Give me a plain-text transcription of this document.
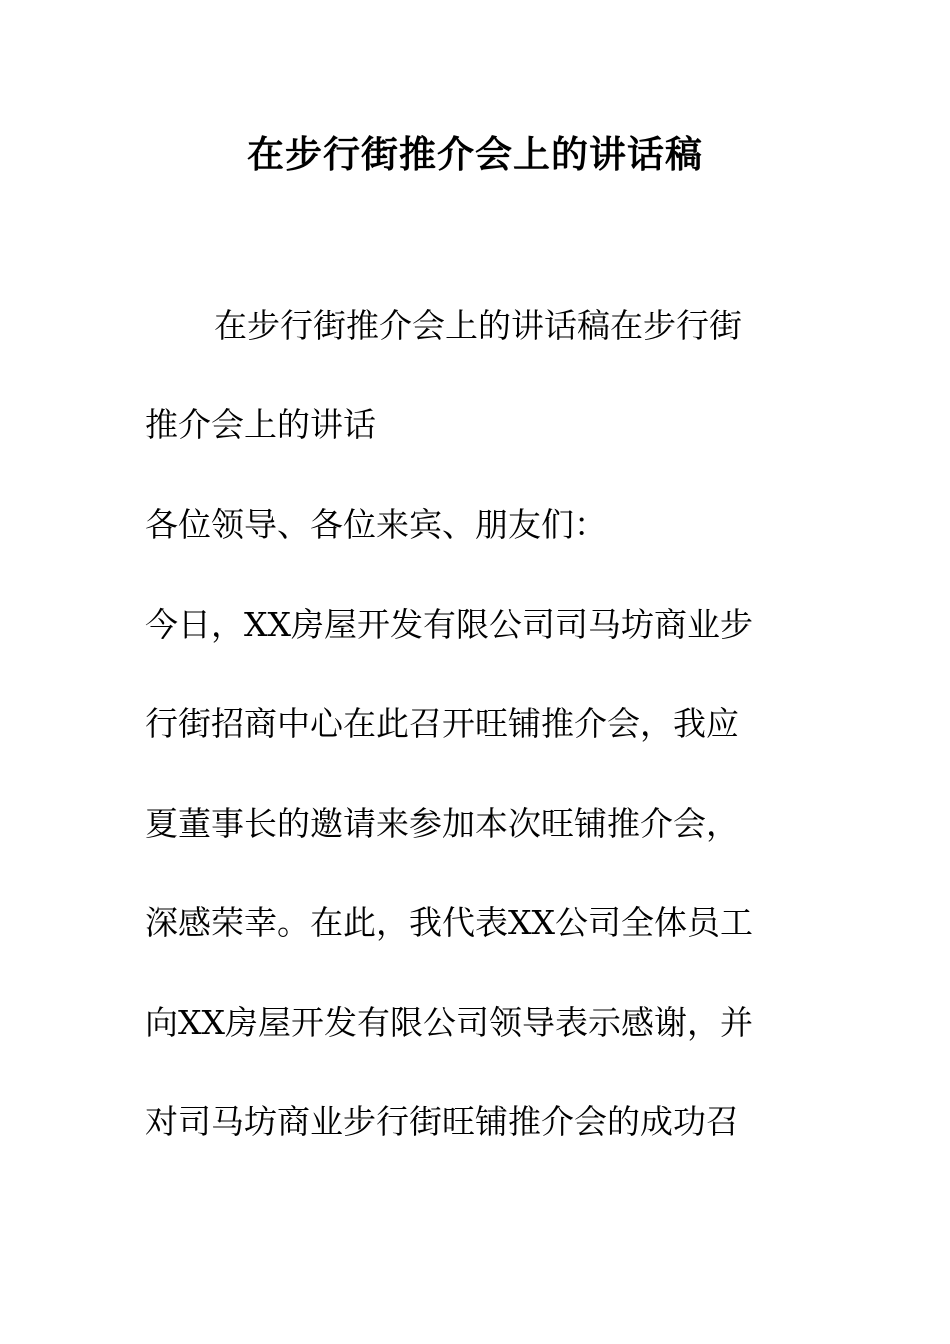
在步行街推介会上的讲话稿

在步行街推介会上的讲话稿在步行街

推介会上的讲话

各位领导、各位来宾、朋友们：

今日，XX房屋开发有限公司司马坊商业步

行街招商中心在此召开旺铺推介会，我应

夏董事长的邀请来参加本次旺铺推介会，

深感荣幸。在此，我代表XX公司全体员工

向XX房屋开发有限公司领导表示感谢，并

对司马坊商业步行街旺铺推介会的成功召
